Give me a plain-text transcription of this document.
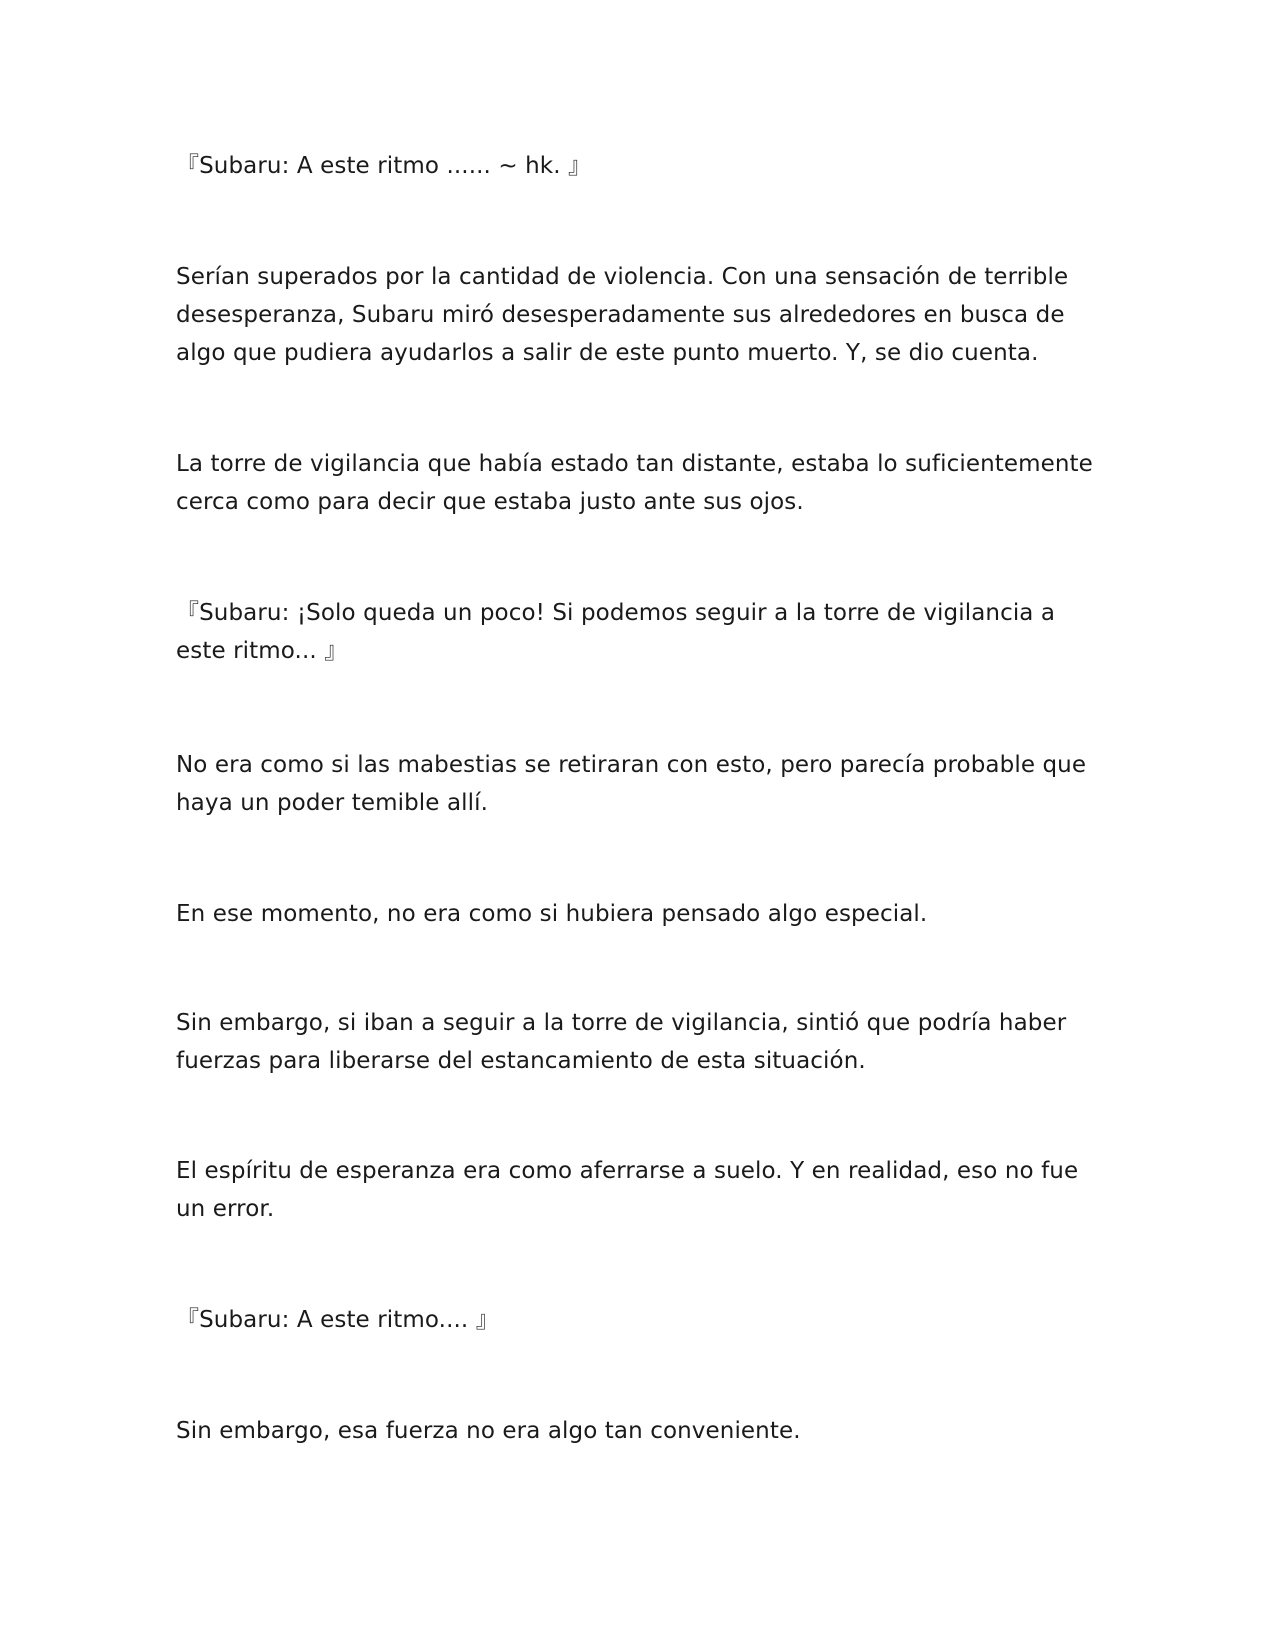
『Subaru: A este ritmo ...... ~ hk. 』

Serían superados por la cantidad de violencia. Con una sensación de terrible desesperanza, Subaru miró desesperadamente sus alrededores en busca de algo que pudiera ayudarlos a salir de este punto muerto. Y, se dio cuenta.

La torre de vigilancia que había estado tan distante, estaba lo suficientemente cerca como para decir que estaba justo ante sus ojos.

『Subaru: ¡Solo queda un poco! Si podemos seguir a la torre de vigilancia a este ritmo... 』

No era como si las mabestias se retiraran con esto, pero parecía probable que haya un poder temible allí.

En ese momento, no era como si hubiera pensado algo especial.

Sin embargo, si iban a seguir a la torre de vigilancia, sintió que podría haber fuerzas para liberarse del estancamiento de esta situación.

El espíritu de esperanza era como aferrarse a suelo. Y en realidad, eso no fue un error.

『Subaru: A este ritmo.... 』

Sin embargo, esa fuerza no era algo tan conveniente.
